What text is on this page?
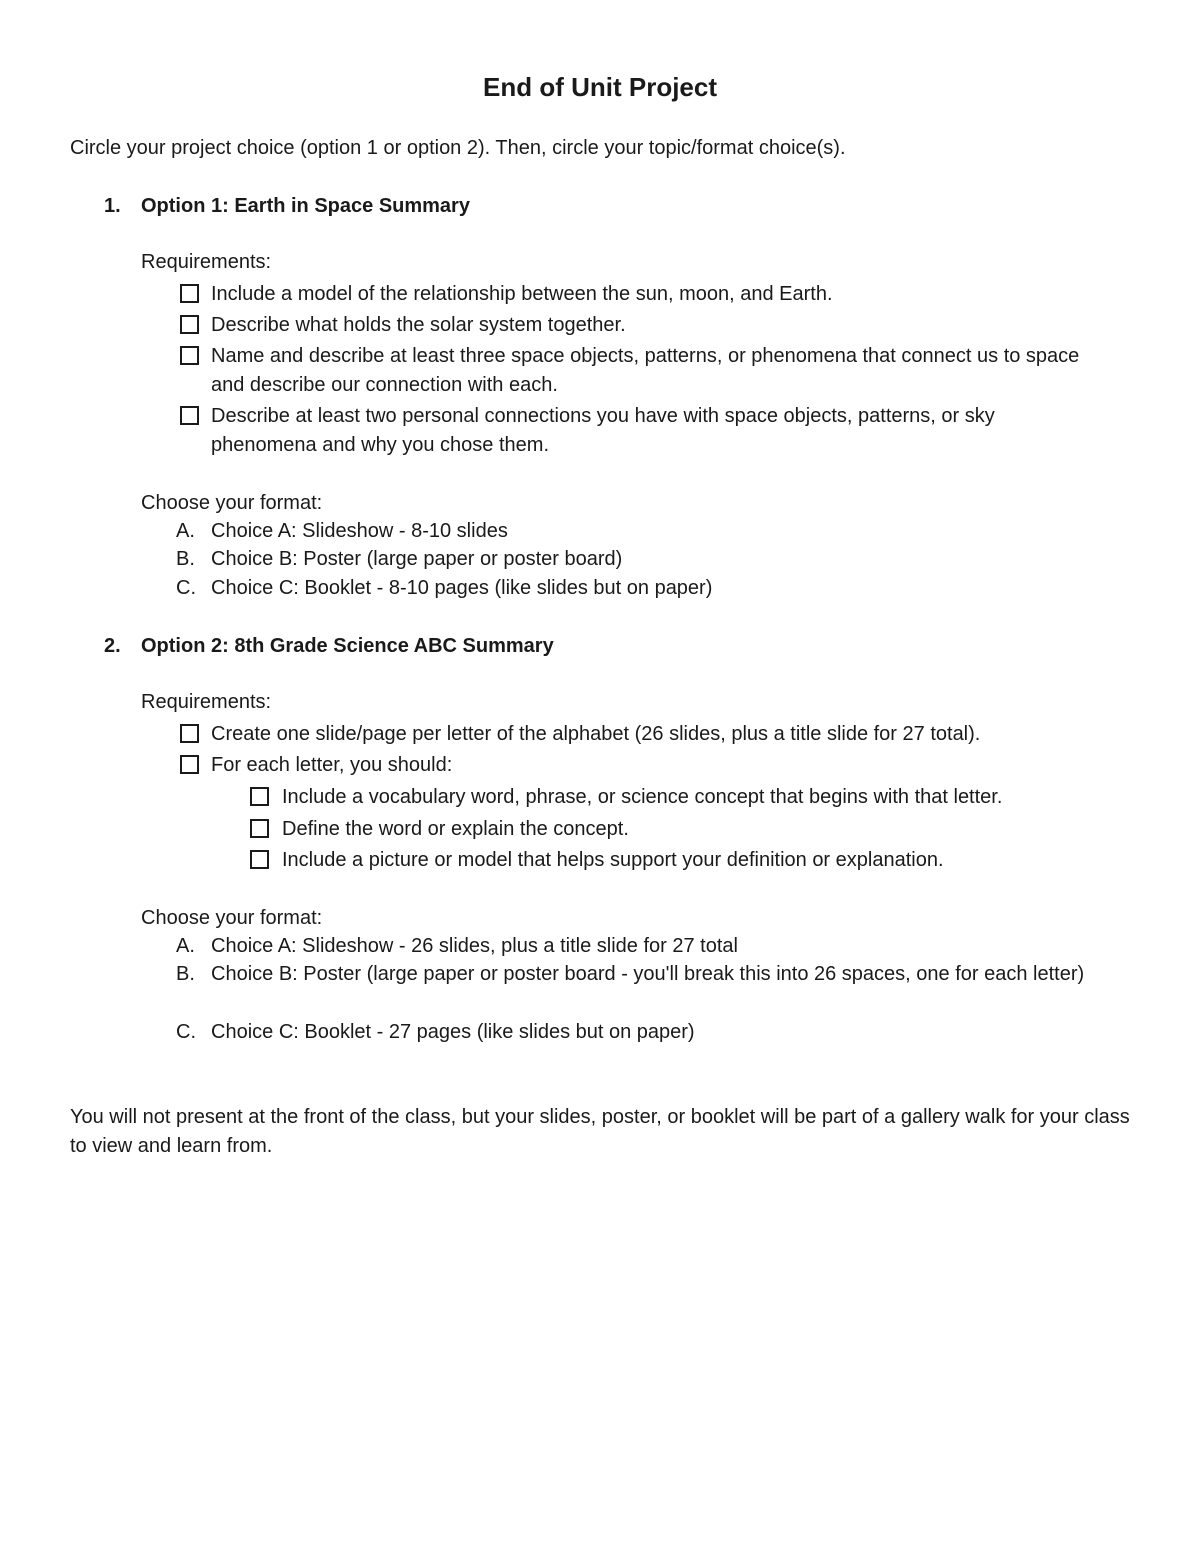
End of Unit Project
Circle your project choice (option 1 or option 2). Then, circle your topic/format choice(s).
1. Option 1: Earth in Space Summary
Requirements:
Include a model of the relationship between the sun, moon, and Earth.
Describe what holds the solar system together.
Name and describe at least three space objects, patterns, or phenomena that connect us to space and describe our connection with each.
Describe at least two personal connections you have with space objects, patterns, or sky phenomena and why you chose them.
Choose your format:
A. Choice A: Slideshow - 8-10 slides
B. Choice B: Poster (large paper or poster board)
C. Choice C: Booklet - 8-10 pages (like slides but on paper)
2. Option 2: 8th Grade Science ABC Summary
Requirements:
Create one slide/page per letter of the alphabet (26 slides, plus a title slide for 27 total).
For each letter, you should:
Include a vocabulary word, phrase, or science concept that begins with that letter.
Define the word or explain the concept.
Include a picture or model that helps support your definition or explanation.
Choose your format:
A. Choice A: Slideshow - 26 slides, plus a title slide for 27 total
B. Choice B: Poster (large paper or poster board - you'll break this into 26 spaces, one for each letter)
C. Choice C: Booklet - 27 pages (like slides but on paper)
You will not present at the front of the class, but your slides, poster, or booklet will be part of a gallery walk for your class to view and learn from.
